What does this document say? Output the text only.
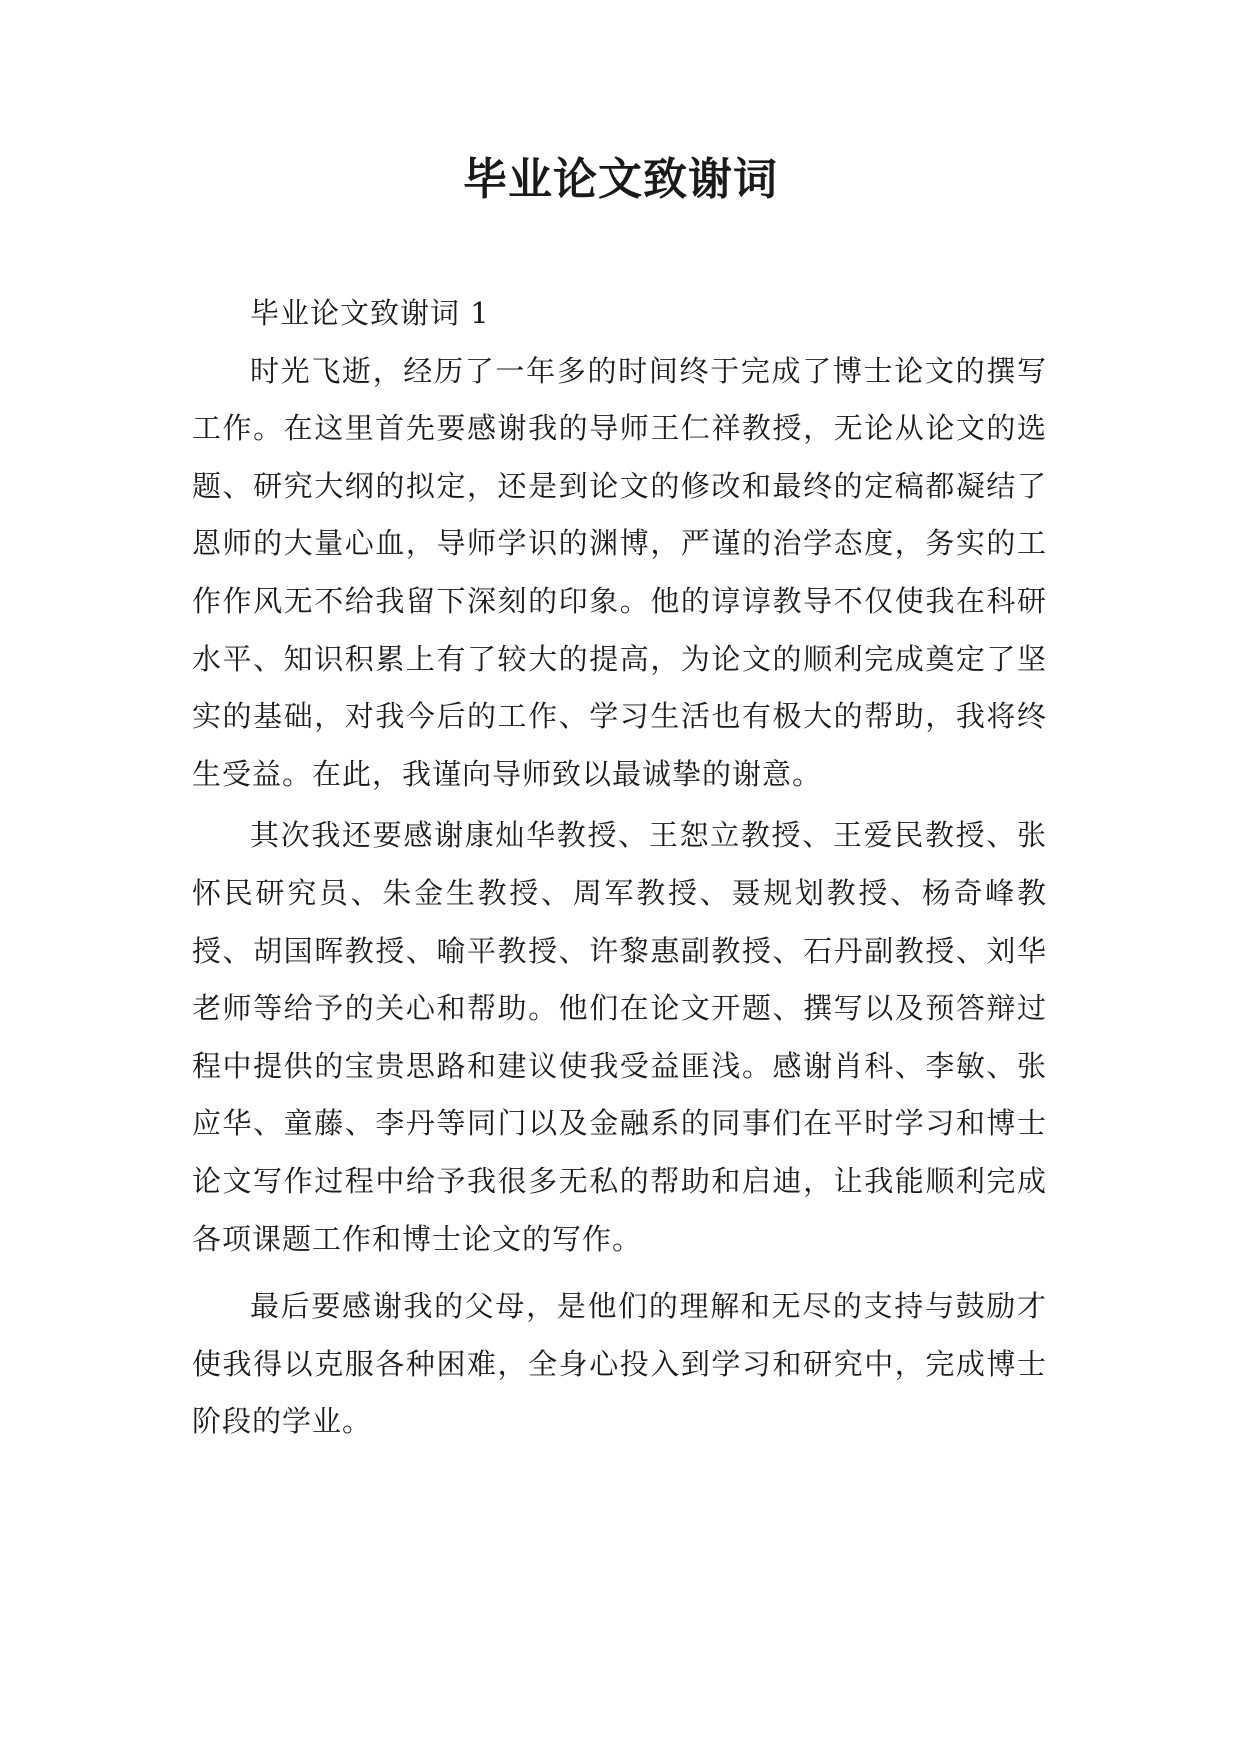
毕业论文致谢词

毕业论文致谢词 1

时光飞逝，经历了一年多的时间终于完成了博士论文的撰写工作。在这里首先要感谢我的导师王仁祥教授，无论从论文的选题、研究大纲的拟定，还是到论文的修改和最终的定稿都凝结了恩师的大量心血，导师学识的渊博，严谨的治学态度，务实的工作作风无不给我留下深刻的印象。他的谆谆教导不仅使我在科研水平、知识积累上有了较大的提高，为论文的顺利完成奠定了坚实的基础，对我今后的工作、学习生活也有极大的帮助，我将终生受益。在此，我谨向导师致以最诚挚的谢意。

其次我还要感谢康灿华教授、王恕立教授、王爱民教授、张怀民研究员、朱金生教授、周军教授、聂规划教授、杨奇峰教授、胡国晖教授、喻平教授、许黎惠副教授、石丹副教授、刘华老师等给予的关心和帮助。他们在论文开题、撰写以及预答辩过程中提供的宝贵思路和建议使我受益匪浅。感谢肖科、李敏、张应华、童藤、李丹等同门以及金融系的同事们在平时学习和博士论文写作过程中给予我很多无私的帮助和启迪，让我能顺利完成各项课题工作和博士论文的写作。

最后要感谢我的父母，是他们的理解和无尽的支持与鼓励才使我得以克服各种困难，全身心投入到学习和研究中，完成博士阶段的学业。
